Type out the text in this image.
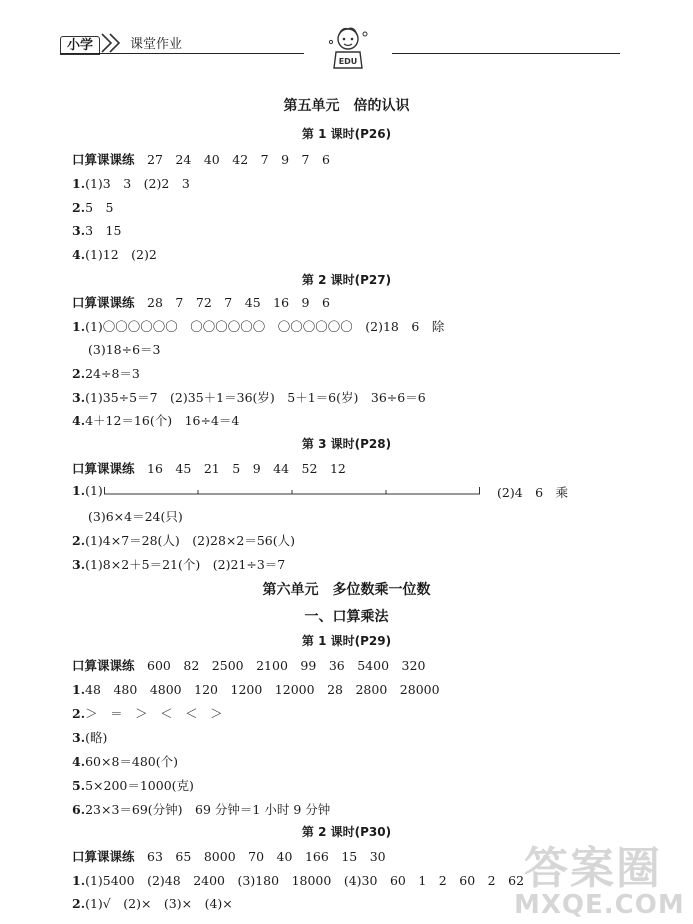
小学	课堂作业
EDU
第五单元　倍的认识
第 1 课时(P26)
口算课课练　 27　24　40　42　7　9　7　6
1.(1)3　3　(2)2　3
2.5　5
3.3　15
4.(1)12　(2)2
第 2 课时(P27)
口算课课练　 28　7　72　7　45　16　9　6
1.(1)〇〇〇〇〇〇　〇〇〇〇〇〇　〇〇〇〇〇〇　(2)18　6　除
(3)18÷6＝3
2.24÷8＝3
3.(1)35÷5＝7　(2)35＋1＝36(岁)　5＋1＝6(岁)　36÷6＝6
4.4＋12＝16(个)　16÷4＝4
第 3 课时(P28)
口算课课练　 16　45　21　5　9　44　52　12
1.(1)	(2)4　6　乘
(3)6×4＝24(只)
2.(1)4×7＝28(人)　(2)28×2＝56(人)
3.(1)8×2＋5＝21(个)　(2)21÷3＝7
第六单元　多位数乘一位数
一、口算乘法
第 1 课时(P29)
口算课课练　 600　82　2500　2100　99　36　5400　320
1.48　480　4800　120　1200　12000　28　2800　28000
2.＞　＝　＞　＜　＜　＞
3.(略)
4.60×8＝480(个)
5.5×200＝1000(克)
6.23×3＝69(分钟)　69 分钟＝1 小时 9 分钟
第 2 课时(P30)
口算课课练　 63　65　8000　70　40　166　15　30
1.(1)5400　(2)48　2400　(3)180　18000　(4)30　60　1　2　60　2　62
2.(1)√　(2)×　(3)×　(4)×
答案圈
MXQE.COM
